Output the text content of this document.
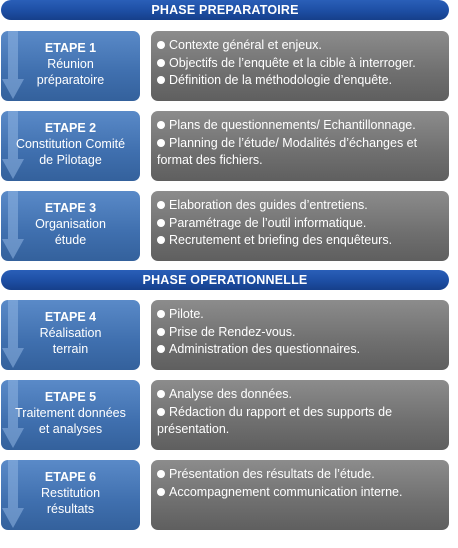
PHASE PREPARATOIRE
ETAPE 1
Réunion
préparatoire
Contexte général et enjeux.
Objectifs de l’enquête et la cible à interroger.
Définition de la méthodologie d’enquête.
ETAPE 2
Constitution Comité
de Pilotage
Plans de questionnements/ Echantillonnage.
Planning de l’étude/ Modalités d’échanges et format des fichiers.
ETAPE 3
Organisation
étude
Elaboration des guides d’entretiens.
Paramétrage de l’outil informatique.
Recrutement et briefing des enquêteurs.
PHASE OPERATIONNELLE
ETAPE 4
Réalisation
terrain
Pilote.
Prise de Rendez-vous.
Administration des questionnaires.
ETAPE 5
Traitement données
et analyses
Analyse des données.
Rédaction du rapport et des supports de présentation.
ETAPE 6
Restitution
résultats
Présentation des résultats de l’étude.
Accompagnement communication interne.
